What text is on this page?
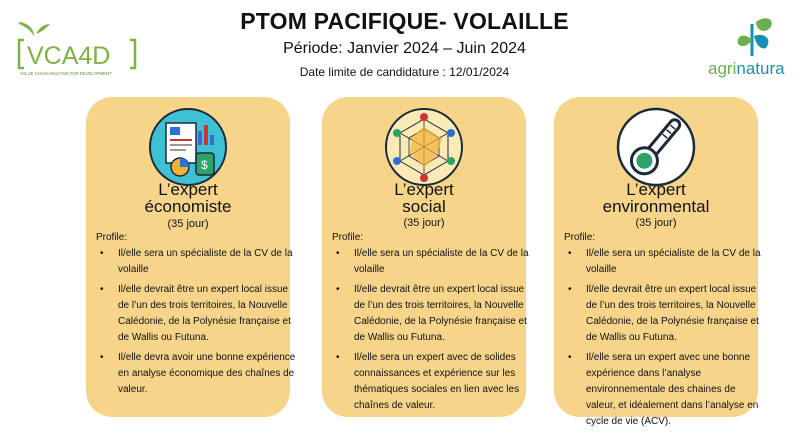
PTOM PACIFIQUE- VOLAILLE
Période: Janvier 2024 – Juin 2024
Date limite de candidature : 12/01/2024
VCA4D
VALUE CHAIN ANALYSIS FOR DEVELOPMENT	agrinatura
agrinatura
$
L’expert
économiste
(35 jour)
Profile:
• Il/elle sera un spécialiste de la CV de la volaille
• Il/elle devrait être un expert local issue de l’un des trois territoires, la Nouvelle Calédonie, de la Polynésie française et de Wallis ou Futuna.
• Il/elle devra avoir une bonne expérience en analyse économique des chaînes de valeur.
L’expert
social
(35 jour)
Profile:
• Il/elle sera un spécialiste de la CV de la volaille
• Il/elle devrait être un expert local issue de l’un des trois territoires, la Nouvelle Calédonie, de la Polynésie française et de Wallis ou Futuna.
• Il/elle sera un expert avec de solides connaissances et expérience sur les thématiques sociales en lien avec les chaînes de valeur.
L’expert
environmental
(35 jour)
Profile:
• Il/elle sera un spécialiste de la CV de la volaille
• Il/elle devrait être un expert local issue de l’un des trois territoires, la Nouvelle Calédonie, de la Polynésie française et de Wallis ou Futuna.
• Il/elle sera un expert avec une bonne expérience dans l’analyse environnementale des chaines de valeur, et idéalement dans l’analyse en cycle de vie (ACV).
